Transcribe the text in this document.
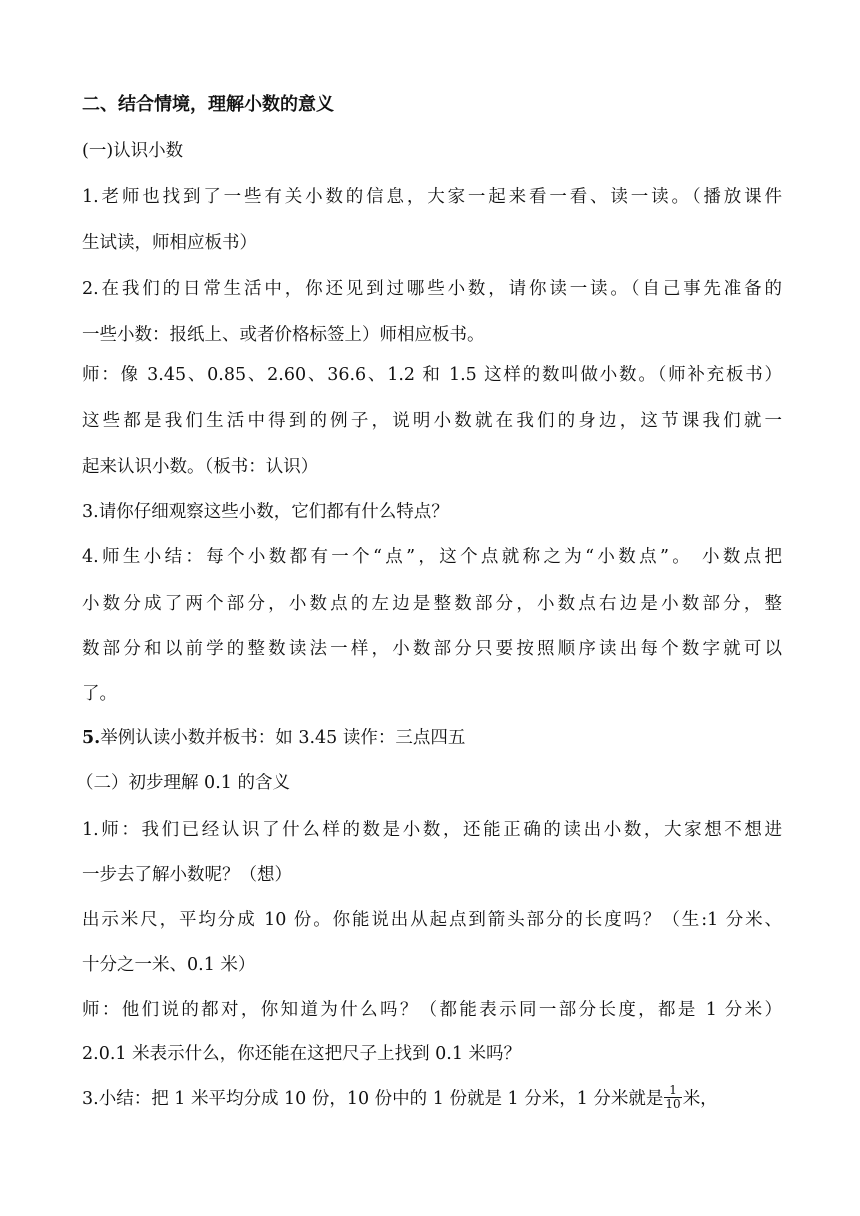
二、结合情境，理解小数的意义
(一)认识小数
1.老师也找到了一些有关小数的信息，大家一起来看一看、读一读。（播放课件
生试读，师相应板书）
2.在我们的日常生活中，你还见到过哪些小数，请你读一读。（自己事先准备的
一些小数：报纸上、或者价格标签上）师相应板书。
师：像 3.45、0.85、2.60、36.6、1.2 和 1.5 这样的数叫做小数。（师补充板书）
这些都是我们生活中得到的例子，说明小数就在我们的身边，这节课我们就一
起来认识小数。（板书：认识）
3.请你仔细观察这些小数，它们都有什么特点？
4.师生小结：每个小数都有一个“点”，这个点就称之为“小数点”。 小数点把
小数分成了两个部分，小数点的左边是整数部分，小数点右边是小数部分，整
数部分和以前学的整数读法一样，小数部分只要按照顺序读出每个数字就可以
了。
5.举例认读小数并板书：如 3.45 读作：三点四五
（二）初步理解 0.1 的含义
1.师：我们已经认识了什么样的数是小数，还能正确的读出小数，大家想不想进
一步去了解小数呢？（想）
出示米尺，平均分成 10 份。你能说出从起点到箭头部分的长度吗？（生:1 分米、
十分之一米、0.1 米）
师：他们说的都对，你知道为什么吗？（都能表示同一部分长度，都是 1 分米）
2.0.1 米表示什么，你还能在这把尺子上找到 0.1 米吗？
3.小结：把 1 米平均分成 10 份，10 份中的 1 份就是 1 分米，1 分米就是 $\frac{1}{10}$ 米，
